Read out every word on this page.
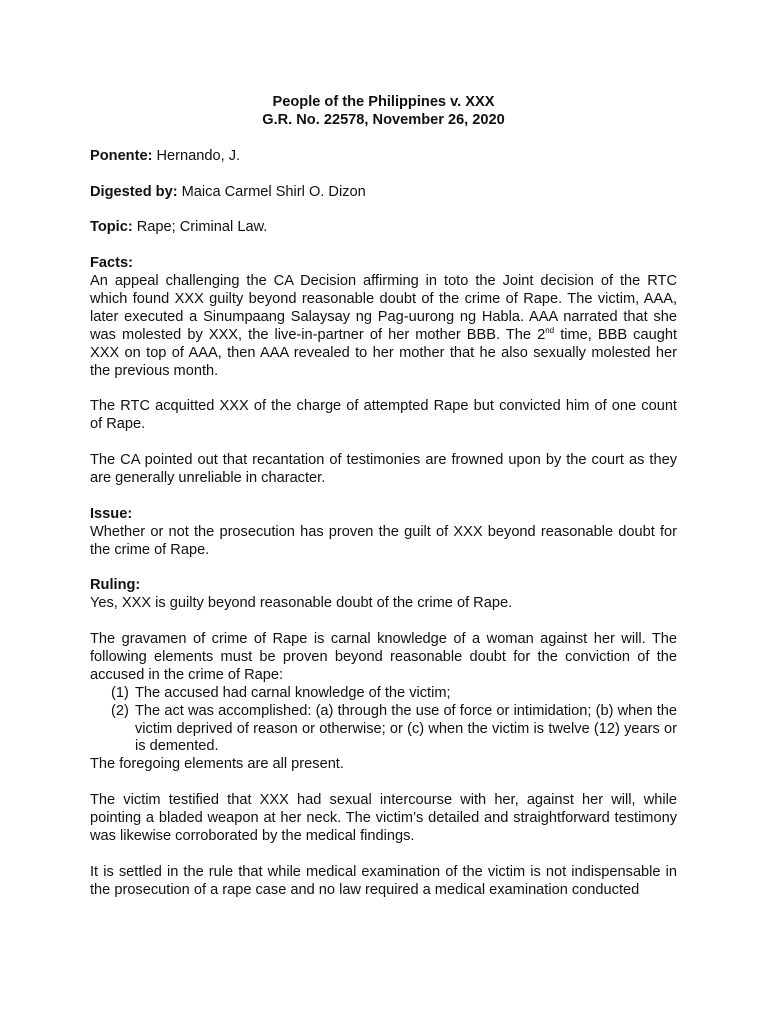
People of the Philippines v. XXX

G.R. No. 22578, November 26, 2020

Ponente: Hernando, J.

Digested by: Maica Carmel Shirl O. Dizon

Topic: Rape; Criminal Law.

Facts:

An appeal challenging the CA Decision affirming in toto the Joint decision of the RTC which found XXX guilty beyond reasonable doubt of the crime of Rape. The victim, AAA, later executed a Sinumpaang Salaysay ng Pag-uurong ng Habla. AAA narrated that she was molested by XXX, the live-in-partner of her mother BBB. The 2nd time, BBB caught XXX on top of AAA, then AAA revealed to her mother that he also sexually molested her the previous month.

The RTC acquitted XXX of the charge of attempted Rape but convicted him of one count of Rape.

The CA pointed out that recantation of testimonies are frowned upon by the court as they are generally unreliable in character.

Issue:

Whether or not the prosecution has proven the guilt of XXX beyond reasonable doubt for the crime of Rape.

Ruling:

Yes, XXX is guilty beyond reasonable doubt of the crime of Rape.

The gravamen of crime of Rape is carnal knowledge of a woman against her will. The following elements must be proven beyond reasonable doubt for the conviction of the accused in the crime of Rape:

(1) The accused had carnal knowledge of the victim;
(2) The act was accomplished: (a) through the use of force or intimidation; (b) when the victim deprived of reason or otherwise; or (c) when the victim is twelve (12) years or is demented.

The foregoing elements are all present.

The victim testified that XXX had sexual intercourse with her, against her will, while pointing a bladed weapon at her neck. The victim’s detailed and straightforward testimony was likewise corroborated by the medical findings.

It is settled in the rule that while medical examination of the victim is not indispensable in the prosecution of a rape case and no law required a medical examination conducted
